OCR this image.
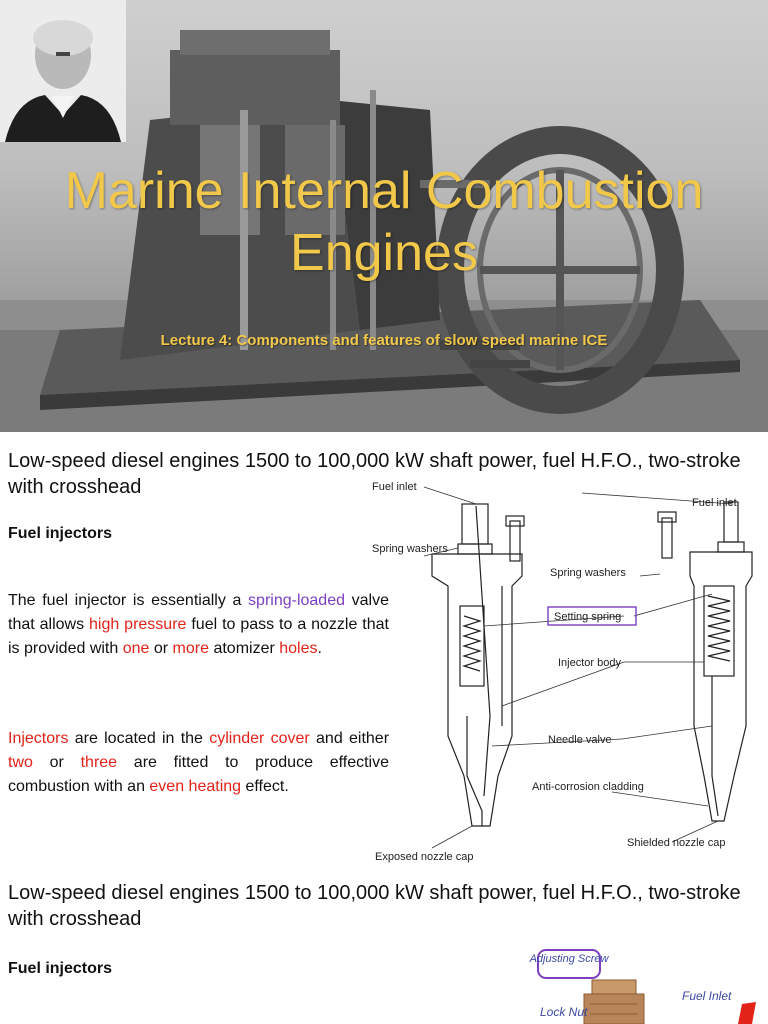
Marine Internal Combustion Engines
Lecture 4: Components and features of slow speed marine ICE
Low-speed diesel engines 1500 to 100,000 kW shaft power, fuel H.F.O., two-stroke with crosshead
Fuel injectors
The fuel injector is essentially a spring-loaded valve that allows high pressure fuel to pass to a nozzle that is provided with one or more atomizer holes.
Injectors are located in the cylinder cover and either two or three are fitted to produce effective combustion with an even heating effect.
Fuel inlet
Fuel inlet
Spring washers
Spring washers
Setting spring
Injector body
Needle valve
Anti-corrosion cladding
Exposed nozzle cap
Shielded nozzle cap
Low-speed diesel engines 1500 to 100,000 kW shaft power, fuel H.F.O., two-stroke with crosshead
Fuel injectors
Adjusting Screw
Lock Nut
Fuel Inlet
